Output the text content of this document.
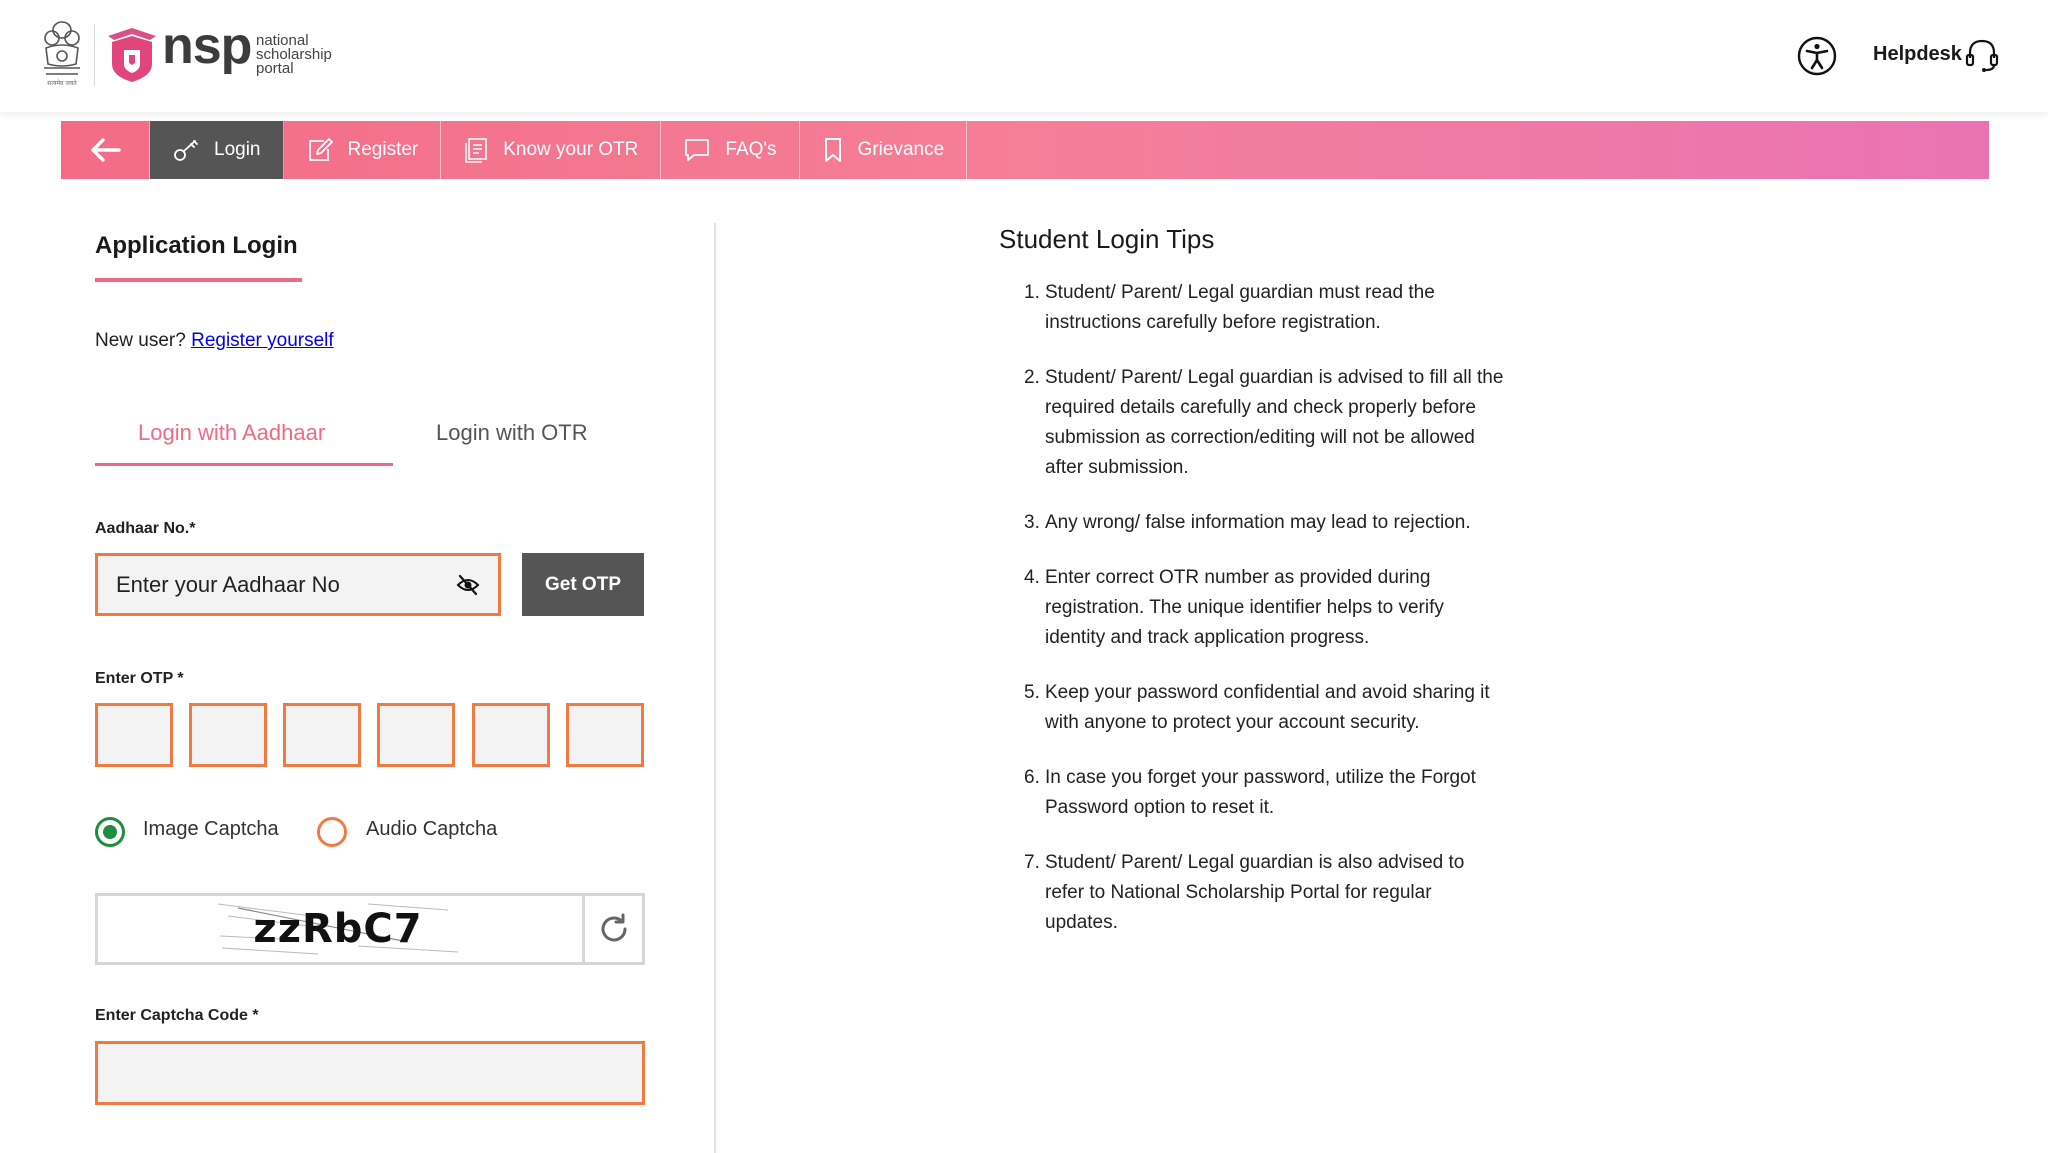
सत्यमेव जयते
nsp national
scholarship
portal
Helpdesk
Login	Register	Know your OTR	FAQ's	Grievance
Application Login
New user? Register yourself
Login with Aadhaar	Login with OTR
Aadhaar No.*
Enter your Aadhaar No	Get OTP
Enter OTP *
Image Captcha	Audio Captcha
zzRbC7
Enter Captcha Code *
Student Login Tips
1. Student/ Parent/ Legal guardian must read the instructions carefully before registration.
2. Student/ Parent/ Legal guardian is advised to fill all the required details carefully and check properly before submission as correction/editing will not be allowed after submission.
3. Any wrong/ false information may lead to rejection.
4. Enter correct OTR number as provided during registration. The unique identifier helps to verify identity and track application progress.
5. Keep your password confidential and avoid sharing it with anyone to protect your account security.
6. In case you forget your password, utilize the Forgot Password option to reset it.
7. Student/ Parent/ Legal guardian is also advised to refer to National Scholarship Portal for regular updates.
